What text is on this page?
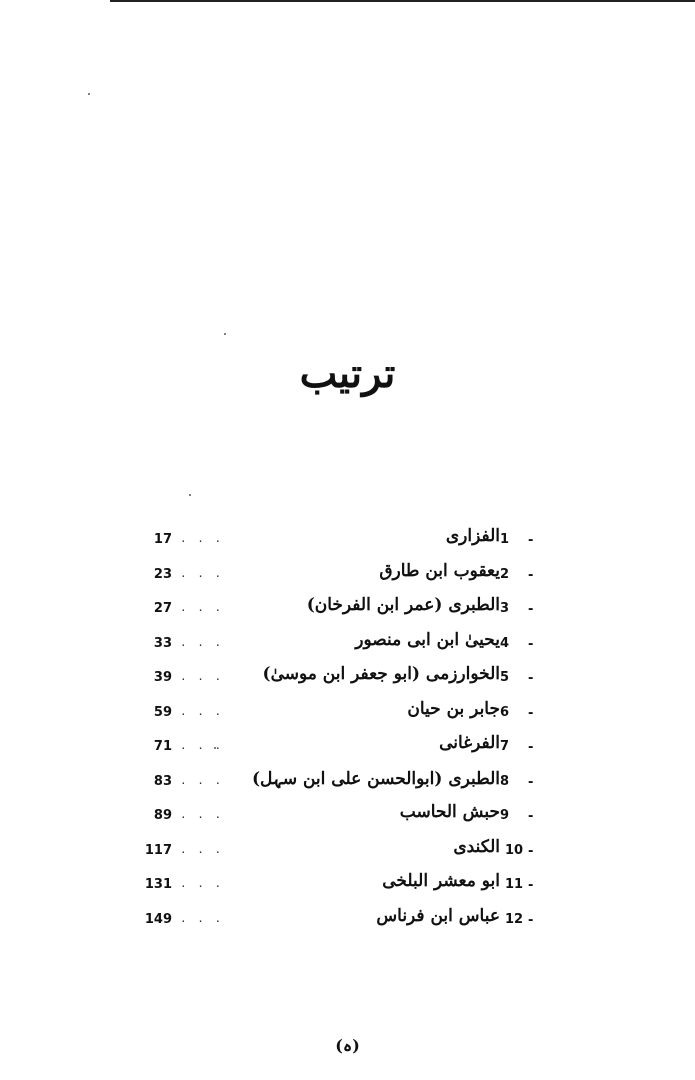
ترتیب
17 . . .	الفزاری 1	-
23 . . .	یعقوب ابن طارق 2	-
27 . . .	الطبری (عمر ابن الفرخان) 3	-
33 . . .	یحییٰ ابن ابی منصور 4	-
39 . . . الخوارزمی (ابو جعفر ابن موسیٰ) 5	-
59 . . .	جابر بن حیان 6	-
71 . . .	الفرغانی 7	-
83 . . . الطبری (ابوالحسن علی ابن سہل) 8	-
89 . . .	حبش الحاسب 9	-
117 . . .	الکندی 10 -
131 . . .	ابو معشر البلخی 11 -
149 . . .	عباس ابن فرناس 12 -
(ہ)
